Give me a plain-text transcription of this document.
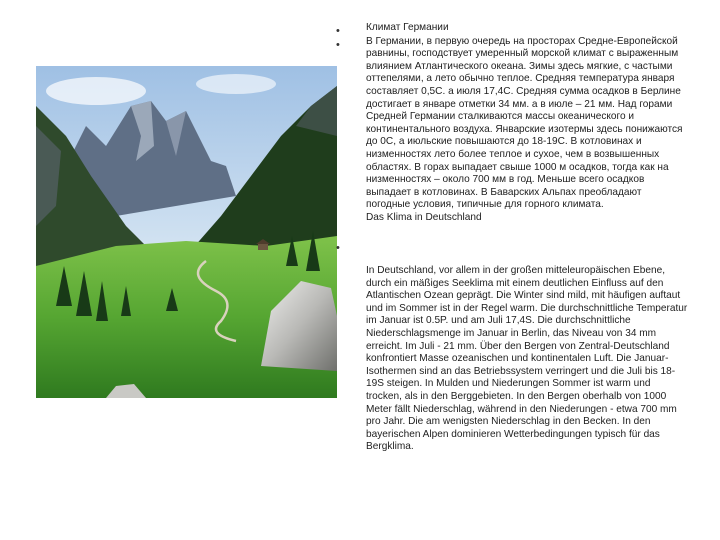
•
•
•

Климат Германии

В Германии, в первую очередь на просторах Средне-Европейской равнины, господствует умеренный морской климат с выраженным влиянием Атлантического океана. Зимы здесь мягкие, с частыми оттепелями, а лето обычно теплое. Средняя температура января составляет 0,5С. а июля 17,4С. Средняя сумма осадков в Берлине достигает в январе отметки 34 мм. а в июле – 21 мм. Над горами Средней Германии сталкиваются массы океанического и континентального воздуха. Январские изотермы здесь понижаются до 0С, а июльские повышаются до 18-19С. В котловинах и низменностях лето более теплое и сухое, чем в возвышенных областях. В горах выпадает свыше 1000 м осадков, тогда как на низменностях – около 700 мм в год. Меньше всего осадков выпадает в котловинах. В Баварских Альпах преобладают погодные условия, типичные для горного климата.

Das Klima in Deutschland

In Deutschland, vor allem in der großen mitteleuropäischen Ebene, durch ein mäßiges Seeklima mit einem deutlichen Einfluss auf den Atlantischen Ozean geprägt. Die Winter sind mild, mit häufigen auftaut und im Sommer ist in der Regel warm. Die durchschnittliche Temperatur im Januar ist 0.5P. und am Juli 17,4S. Die durchschnittliche Niederschlagsmenge im Januar in Berlin, das Niveau von 34 mm erreicht. Im Juli - 21 mm. Über den Bergen von Zentral-Deutschland konfrontiert Masse ozeanischen und kontinentalen Luft. Die Januar-Isothermen sind an das Betriebssystem verringert und die Juli bis 18-19S steigen. In Mulden und Niederungen Sommer ist warm und trocken, als in den Berggebieten. In den Bergen oberhalb von 1000 Meter fällt Niederschlag, während in den Niederungen - etwa 700 mm pro Jahr. Die am wenigsten Niederschlag in den Becken. In den bayerischen Alpen dominieren Wetterbedingungen typisch für das Bergklima.
